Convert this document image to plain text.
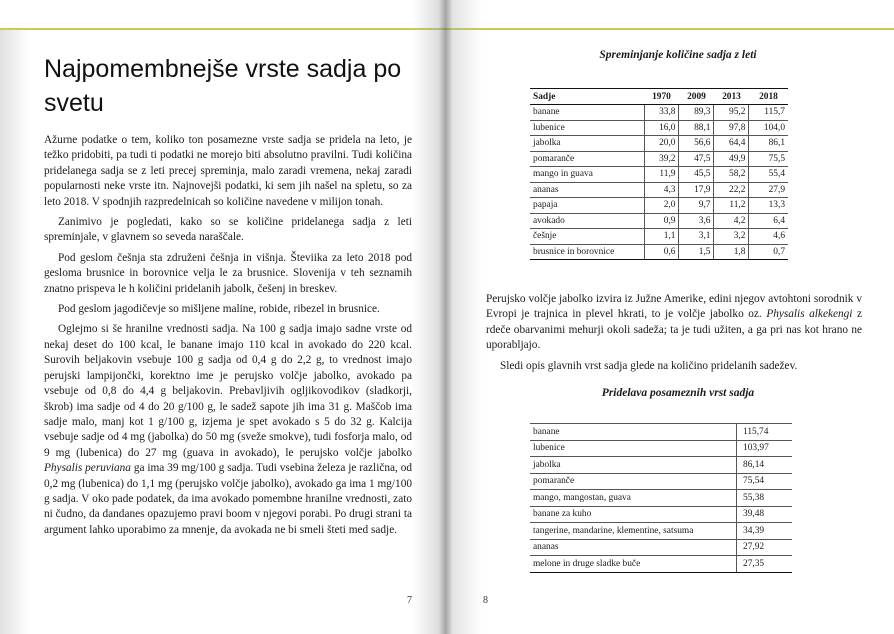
Najpomembnejše vrste sadja po svetu

Ažurne podatke o tem, koliko ton posamezne vrste sadja se pridela na leto, je težko pridobiti, pa tudi ti podatki ne morejo biti absolutno pravilni. Tudi količina pridelanega sadja se z leti precej spreminja, malo zaradi vremena, nekaj zaradi popularnosti neke vrste itn. Najnovejši podatki, ki sem jih našel na spletu, so za leto 2018. V spodnjih razpredelnicah so količine navedene v milijon tonah.

Zanimivo je pogledati, kako so se količine pridelanega sadja z leti spreminjale, v glavnem so seveda naraščale.

Pod geslom češnja sta združeni češnja in višnja. Števiika za leto 2018 pod gesloma brusnice in borovnice velja le za brusnice. Slovenija v teh seznamih znatno prispeva le h količini pridelanih jabolk, češenj in breskev.

Pod geslom jagodičevje so mišljene maline, robide, ribezel in brusnice.

Oglejmo si še hranilne vrednosti sadja. Na 100 g sadja imajo sadne vrste od nekaj deset do 100 kcal, le banane imajo 110 kcal in avokado do 220 kcal. Surovih beljakovin vsebuje 100 g sadja od 0,4 g do 2,2 g, to vrednost imajo perujski lampijončki, korektno ime je perujsko volčje jabolko, avokado pa vsebuje od 0,8 do 4,4 g beljakovin. Prebavljivih ogljikovodikov (sladkorji, škrob) ima sadje od 4 do 20 g/100 g, le sadež sapote jih ima 31 g. Maščob ima sadje malo, manj kot 1 g/100 g, izjema je spet avokado s 5 do 32 g. Kalcija vsebuje sadje od 4 mg (jabolka) do 50 mg (sveže smokve), tudi fosforja malo, od 9 mg (lubenica) do 27 mg (guava in avokado), le perujsko volčje jabolko Physalis peruviana ga ima 39 mg/100 g sadja. Tudi vsebina železa je različna, od 0,2 mg (lubenica) do 1,1 mg (perujsko volčje jabolko), avokado ga ima 1 mg/100 g sadja. V oko pade podatek, da ima avokado pomembne hranilne vrednosti, zato ni čudno, da dandanes opazujemo pravi boom v njegovi porabi. Po drugi strani ta argument lahko uporabimo za mnenje, da avokada ne bi smeli šteti med sadje.

7
Spreminjanje količine sadja z leti
Sadje	1970	2009	2013	2018
banane	33,8	89,3	95,2	115,7
lubenice	16,0	88,1	97,8	104,0
jabolka	20,0	56,6	64,4	86,1
pomaranče	39,2	47,5	49,9	75,5
mango in guava	11,9	45,5	58,2	55,4
ananas	4,3	17,9	22,2	27,9
papaja	2,0	9,7	11,2	13,3
avokado	0,9	3,6	4,2	6,4
češnje	1,1	3,1	3,2	4,6
brusnice in borovnice	0,6	1,5	1,8	0,7

Perujsko volčje jabolko izvira iz Južne Amerike, edini njegov avtohtoni sorodnik v Evropi je trajnica in plevel hkrati, to je volčje jabolko oz. Physalis alkekengi z rdeče obarvanimi mehurji okoli sadeža; ta je tudi užiten, a ga pri nas kot hrano ne uporabljajo.

Sledi opis glavnih vrst sadja glede na količino pridelanih sadežev.

Pridelava posameznih vrst sadja
banane	115,74
lubenice	103,97
jabolka	86,14
pomaranče	75,54
mango, mangostan, guava	55,38
banane za kuho	39,48
tangerine, mandarine, klementine, satsuma	34,39
ananas	27,92
melone in druge sladke buče	27,35
8
